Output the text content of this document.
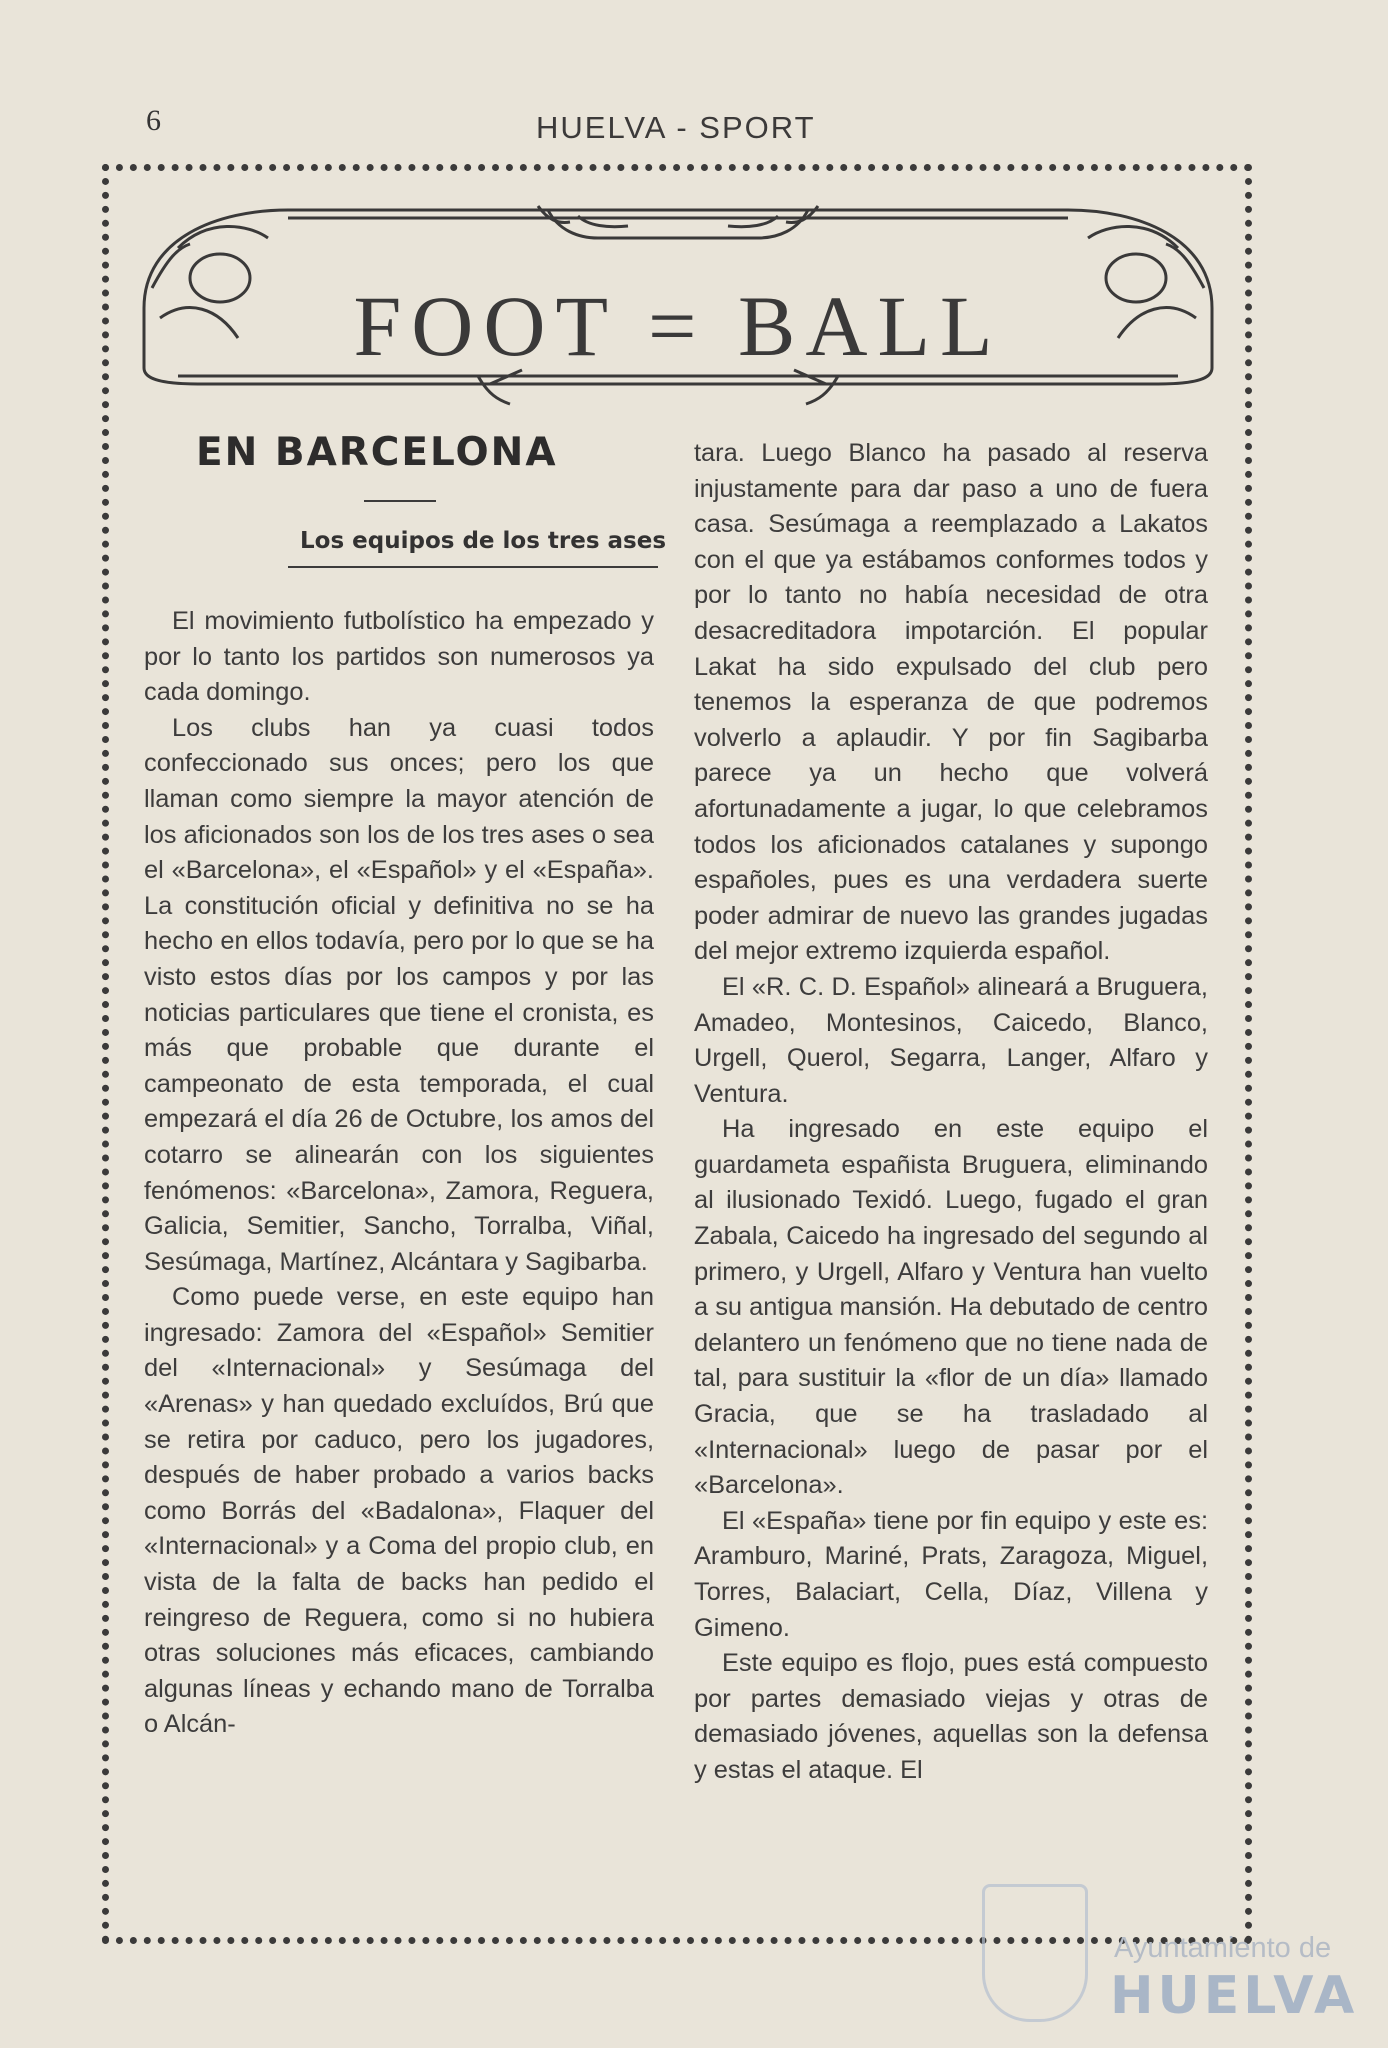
6	HUELVA - SPORT
FOOT = BALL
EN BARCELONA
Los equipos de los tres ases

El movimiento futbolístico ha empezado y por lo tanto los partidos son numerosos ya cada domingo.

Los clubs han ya cuasi todos confeccionado sus onces; pero los que llaman como siempre la mayor atención de los aficionados son los de los tres ases o sea el «Barcelona», el «Español» y el «España». La constitución oficial y definitiva no se ha hecho en ellos todavía, pero por lo que se ha visto estos días por los campos y por las noticias particulares que tiene el cronista, es más que probable que durante el campeonato de esta temporada, el cual empezará el día 26 de Octubre, los amos del cotarro se alinearán con los siguientes fenómenos: «Barcelona», Zamora, Reguera, Galicia, Semitier, Sancho, Torralba, Viñal, Sesúmaga, Martínez, Alcántara y Sagibarba.

Como puede verse, en este equipo han ingresado: Zamora del «Español» Semitier del «Internacional» y Sesúmaga del «Arenas» y han quedado excluídos, Brú que se retira por caduco, pero los jugadores, después de haber probado a varios backs como Borrás del «Badalona», Flaquer del «Internacional» y a Coma del propio club, en vista de la falta de backs han pedido el reingreso de Reguera, como si no hubiera otras soluciones más eficaces, cambiando algunas líneas y echando mano de Torralba o Alcán-

tara. Luego Blanco ha pasado al reserva injustamente para dar paso a uno de fuera casa. Sesúmaga a reemplazado a Lakatos con el que ya estábamos conformes todos y por lo tanto no había necesidad de otra desacreditadora impotarción. El popular Lakat ha sido expulsado del club pero tenemos la esperanza de que podremos volverlo a aplaudir. Y por fin Sagibarba parece ya un hecho que volverá afortunadamente a jugar, lo que celebramos todos los aficionados catalanes y supongo españoles, pues es una verdadera suerte poder admirar de nuevo las grandes jugadas del mejor extremo izquierda español.

El «R. C. D. Español» alineará a Bruguera, Amadeo, Montesinos, Caicedo, Blanco, Urgell, Querol, Segarra, Langer, Alfaro y Ventura.

Ha ingresado en este equipo el guardameta españista Bruguera, eliminando al ilusionado Texidó. Luego, fugado el gran Zabala, Caicedo ha ingresado del segundo al primero, y Urgell, Alfaro y Ventura han vuelto a su antigua mansión. Ha debutado de centro delantero un fenómeno que no tiene nada de tal, para sustituir la «flor de un día» llamado Gracia, que se ha trasladado al «Internacional» luego de pasar por el «Barcelona».

El «España» tiene por fin equipo y este es: Aramburo, Mariné, Prats, Zaragoza, Miguel, Torres, Balaciart, Cella, Díaz, Villena y Gimeno.

Este equipo es flojo, pues está compuesto por partes demasiado viejas y otras de demasiado jóvenes, aquellas son la defensa y estas el ataque. El

Ayuntamiento de
HUELVA
